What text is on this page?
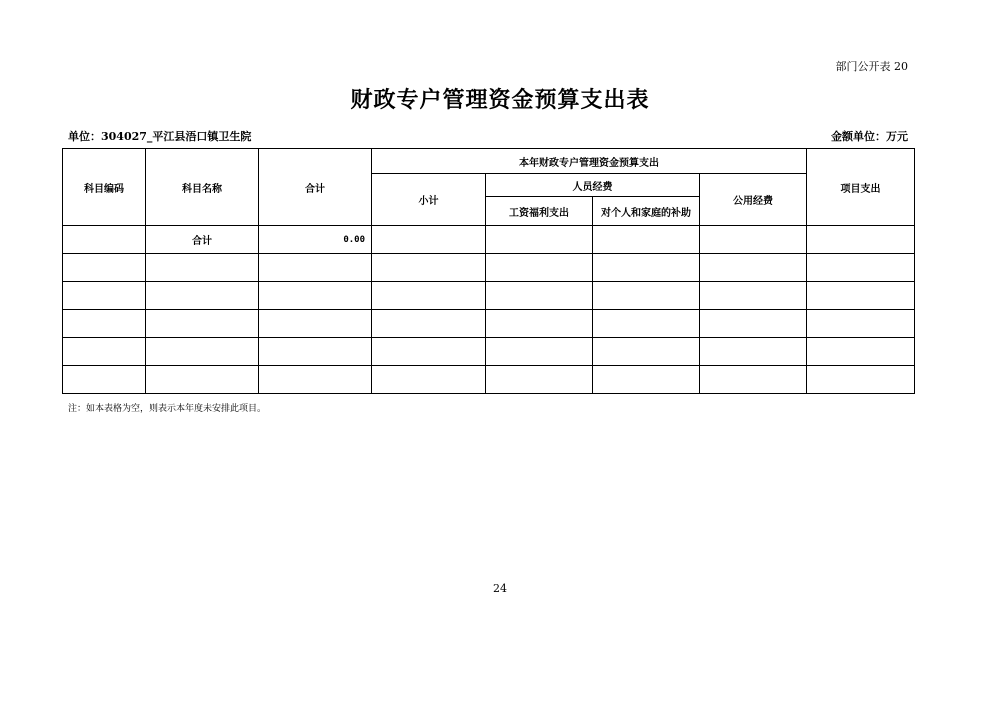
部门公开表 20
财政专户管理资金预算支出表
单位：304027_平江县浯口镇卫生院	金额单位：万元
科目编码	科目名称	合计	本年财政专户管理资金预算支出				项目支出
			小计	人员经费		公用经费	
				工资福利支出	对个人和家庭的补助		
	合计	0.00					

注：如本表格为空，则表示本年度未安排此项目。
24
